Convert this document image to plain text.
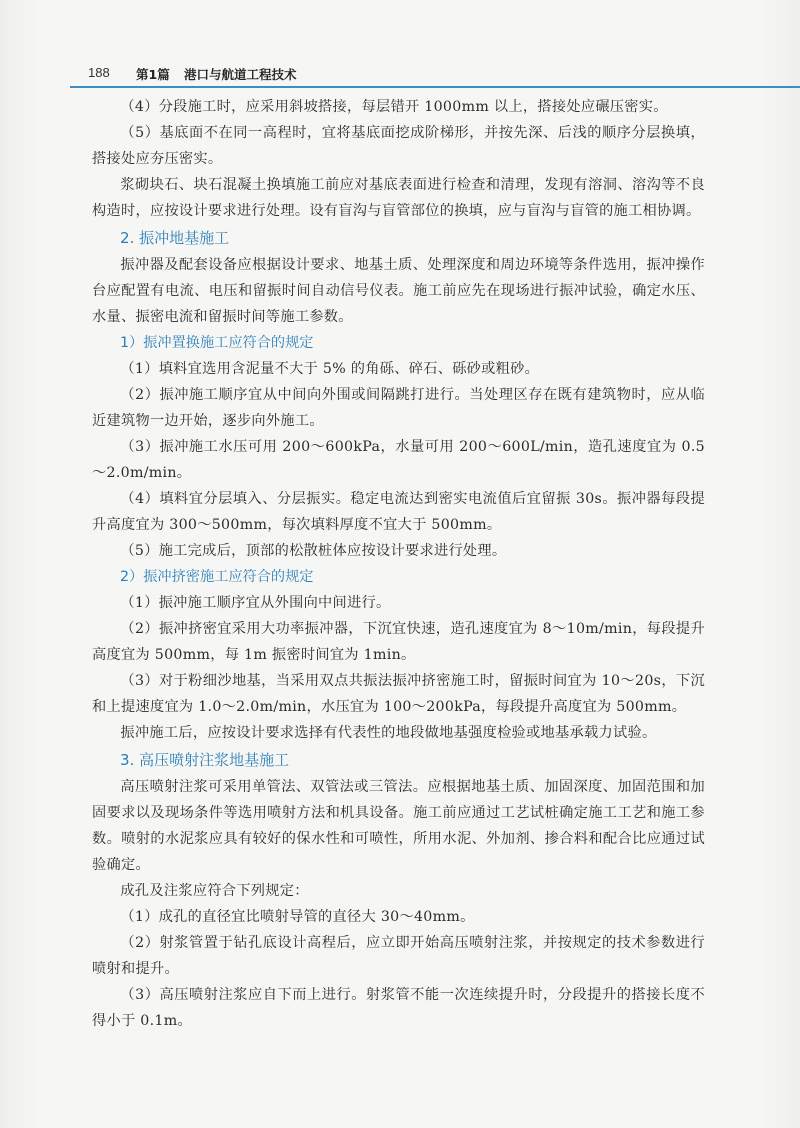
188 第1篇 港口与航道工程技术

（4）分段施工时，应采用斜坡搭接，每层错开 1000mm 以上，搭接处应碾压密实。

（5）基底面不在同一高程时，宜将基底面挖成阶梯形，并按先深、后浅的顺序分层换填，搭接处应夯压密实。

浆砌块石、块石混凝土换填施工前应对基底表面进行检查和清理，发现有溶洞、溶沟等不良构造时，应按设计要求进行处理。设有盲沟与盲管部位的换填，应与盲沟与盲管的施工相协调。

2. 振冲地基施工

振冲器及配套设备应根据设计要求、地基土质、处理深度和周边环境等条件选用，振冲操作台应配置有电流、电压和留振时间自动信号仪表。施工前应先在现场进行振冲试验，确定水压、水量、振密电流和留振时间等施工参数。

1）振冲置换施工应符合的规定

（1）填料宜选用含泥量不大于 5% 的角砾、碎石、砾砂或粗砂。

（2）振冲施工顺序宜从中间向外围或间隔跳打进行。当处理区存在既有建筑物时，应从临近建筑物一边开始，逐步向外施工。

（3）振冲施工水压可用 200～600kPa，水量可用 200～600L/min，造孔速度宜为 0.5～2.0m/min。

（4）填料宜分层填入、分层振实。稳定电流达到密实电流值后宜留振 30s。振冲器每段提升高度宜为 300～500mm，每次填料厚度不宜大于 500mm。

（5）施工完成后，顶部的松散桩体应按设计要求进行处理。

2）振冲挤密施工应符合的规定

（1）振冲施工顺序宜从外围向中间进行。

（2）振冲挤密宜采用大功率振冲器，下沉宜快速，造孔速度宜为 8～10m/min，每段提升高度宜为 500mm，每 1m 振密时间宜为 1min。

（3）对于粉细沙地基，当采用双点共振法振冲挤密施工时，留振时间宜为 10～20s，下沉和上提速度宜为 1.0～2.0m/min，水压宜为 100～200kPa，每段提升高度宜为 500mm。

振冲施工后，应按设计要求选择有代表性的地段做地基强度检验或地基承载力试验。

3. 高压喷射注浆地基施工

高压喷射注浆可采用单管法、双管法或三管法。应根据地基土质、加固深度、加固范围和加固要求以及现场条件等选用喷射方法和机具设备。施工前应通过工艺试桩确定施工工艺和施工参数。喷射的水泥浆应具有较好的保水性和可喷性，所用水泥、外加剂、掺合料和配合比应通过试验确定。

成孔及注浆应符合下列规定：

（1）成孔的直径宜比喷射导管的直径大 30～40mm。

（2）射浆管置于钻孔底设计高程后，应立即开始高压喷射注浆，并按规定的技术参数进行喷射和提升。

（3）高压喷射注浆应自下而上进行。射浆管不能一次连续提升时，分段提升的搭接长度不得小于 0.1m。
